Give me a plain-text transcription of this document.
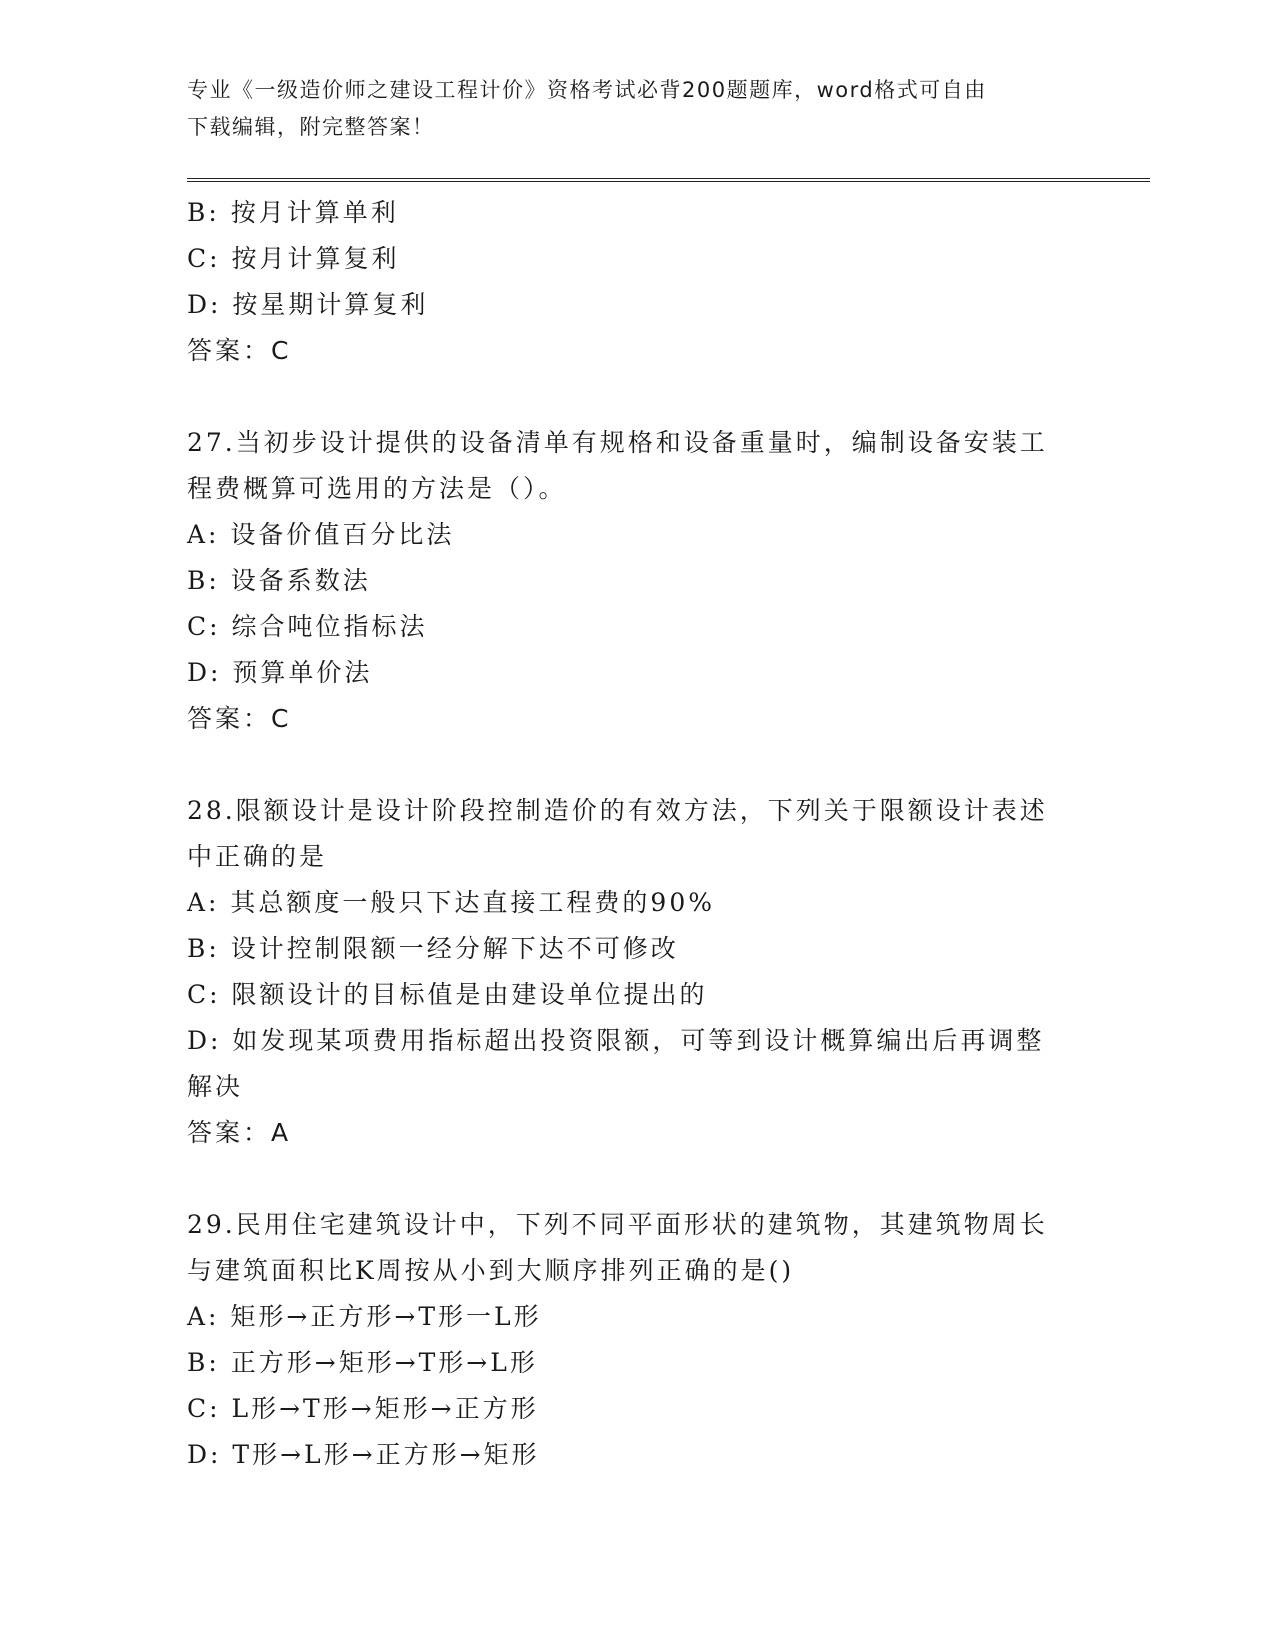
专业《一级造价师之建设工程计价》资格考试必背200题题库，word格式可自由
下载编辑，附完整答案！
B: 按月计算单利
C: 按月计算复利
D: 按星期计算复利
答案：C
27.当初步设计提供的设备清单有规格和设备重量时，编制设备安装工
程费概算可选用的方法是（）。
A: 设备价值百分比法
B: 设备系数法
C: 综合吨位指标法
D: 预算单价法
答案：C
28.限额设计是设计阶段控制造价的有效方法，下列关于限额设计表述
中正确的是
A: 其总额度一般只下达直接工程费的90%
B: 设计控制限额一经分解下达不可修改
C: 限额设计的目标值是由建设单位提出的
D: 如发现某项费用指标超出投资限额，可等到设计概算编出后再调整
解决
答案：A
29.民用住宅建筑设计中，下列不同平面形状的建筑物，其建筑物周长
与建筑面积比K周按从小到大顺序排列正确的是()
A: 矩形→正方形→T形一L形
B: 正方形→矩形→T形→L形
C: L形→T形→矩形→正方形
D: T形→L形→正方形→矩形
